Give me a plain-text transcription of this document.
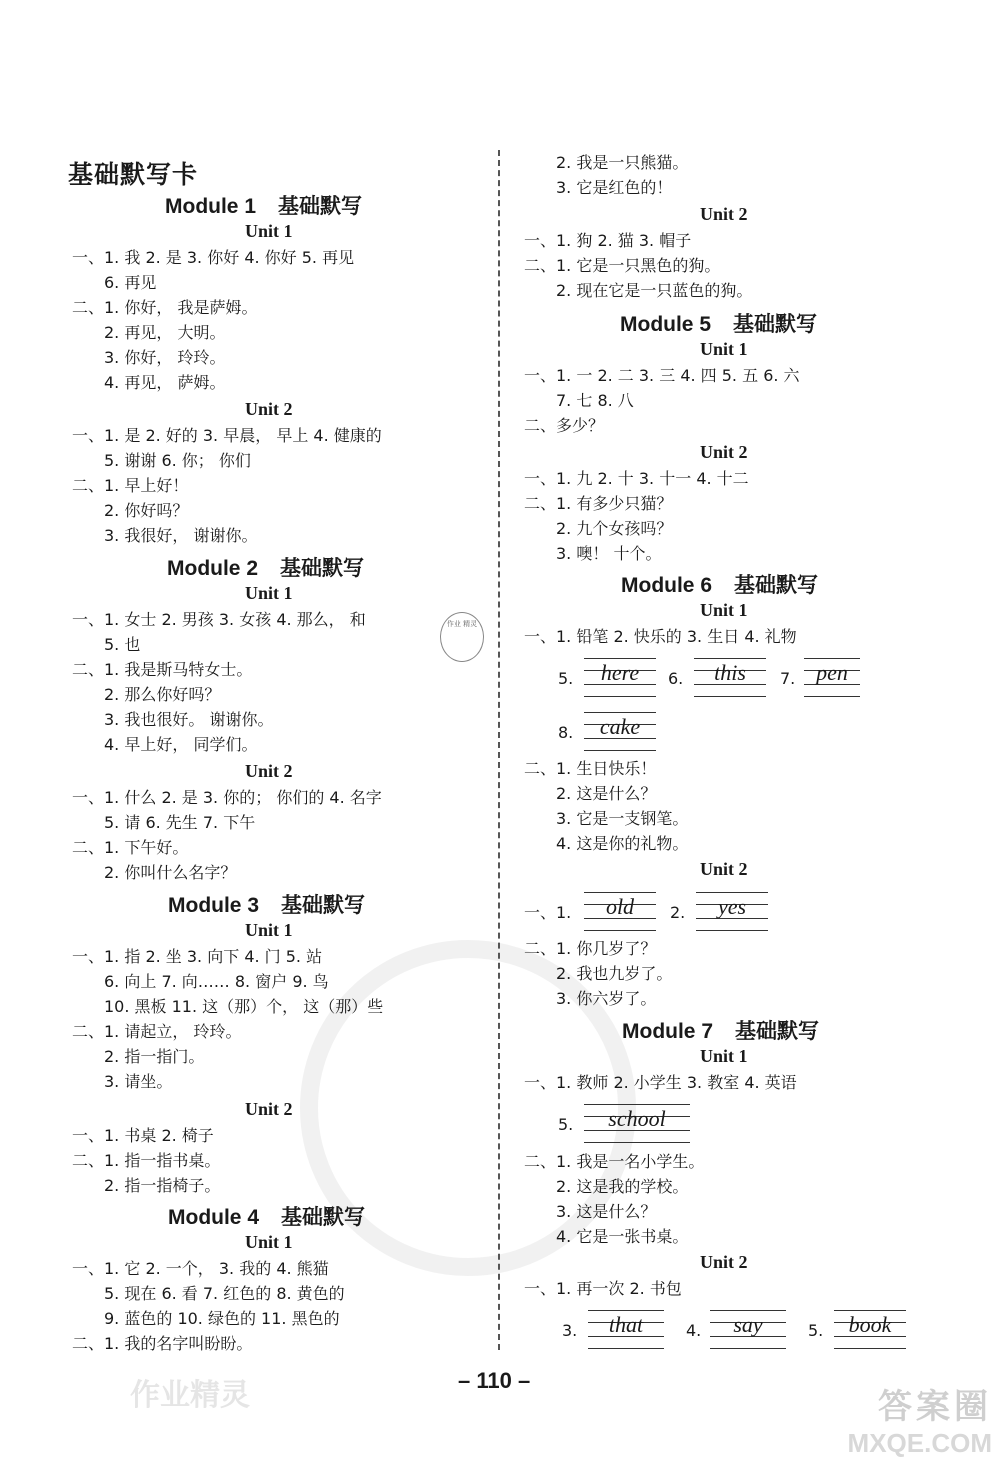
作业精灵
基础默写卡
作业 精灵
Module 1 基础默写
Unit 1
一、1. 我 2. 是 3. 你好 4. 你好 5. 再见
6. 再见
二、1. 你好， 我是萨姆。
2. 再见， 大明。
3. 你好， 玲玲。
4. 再见， 萨姆。
Unit 2
一、1. 是 2. 好的 3. 早晨， 早上 4. 健康的
5. 谢谢 6. 你； 你们
二、1. 早上好！
2. 你好吗？
3. 我很好， 谢谢你。
Module 2 基础默写
Unit 1
一、1. 女士 2. 男孩 3. 女孩 4. 那么， 和
5. 也
二、1. 我是斯马特女士。
2. 那么你好吗？
3. 我也很好。 谢谢你。
4. 早上好， 同学们。
Unit 2
一、1. 什么 2. 是 3. 你的； 你们的 4. 名字
5. 请 6. 先生 7. 下午
二、1. 下午好。
2. 你叫什么名字？
Module 3 基础默写
Unit 1
一、1. 指 2. 坐 3. 向下 4. 门 5. 站
6. 向上 7. 向…… 8. 窗户 9. 鸟
10. 黑板 11. 这（那）个， 这（那）些
二、1. 请起立， 玲玲。
2. 指一指门。
3. 请坐。
Unit 2
一、1. 书桌 2. 椅子
二、1. 指一指书桌。
2. 指一指椅子。
Module 4 基础默写
Unit 1
一、1. 它 2. 一个， 3. 我的 4. 熊猫
5. 现在 6. 看 7. 红色的 8. 黄色的
9. 蓝色的 10. 绿色的 11. 黑色的
二、1. 我的名字叫盼盼。
2. 我是一只熊猫。
3. 它是红色的！
Unit 2
一、1. 狗 2. 猫 3. 帽子
二、1. 它是一只黑色的狗。
2. 现在它是一只蓝色的狗。
Module 5 基础默写
Unit 1
一、1. 一 2. 二 3. 三 4. 四 5. 五 6. 六
7. 七 8. 八
二、多少？
Unit 2
一、1. 九 2. 十 3. 十一 4. 十二
二、1. 有多少只猫？
2. 九个女孩吗？
3. 噢！ 十个。
Module 6 基础默写
Unit 1
一、1. 铅笔 2. 快乐的 3. 生日 4. 礼物
5.	here	6.	this	7. pen
8.	cake
二、1. 生日快乐！
2. 这是什么？
3. 它是一支钢笔。
4. 这是你的礼物。
Unit 2
一、1.	old	2.	yes
二、1. 你几岁了？
2. 我也九岁了。
3. 你六岁了。
Module 7 基础默写
Unit 1
一、1. 教师 2. 小学生 3. 教室 4. 英语
5.	school
二、1. 我是一名小学生。
2. 这是我的学校。
3. 这是什么？
4. 它是一张书桌。
Unit 2
一、1. 再一次 2. 书包
3.	that	4.	say	5.	book
– 110 –
答案圈
MXQE.COM
